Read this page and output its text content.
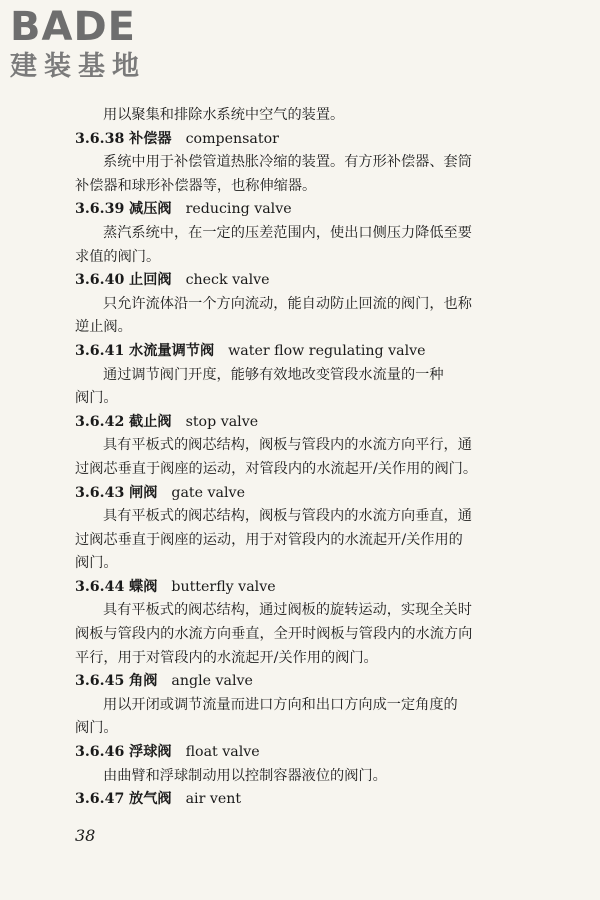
BADE
建装基地
用以聚集和排除水系统中空气的装置。
3.6.38 补偿器 compensator
系统中用于补偿管道热胀冷缩的装置。有方形补偿器、套筒
补偿器和球形补偿器等，也称伸缩器。
3.6.39 减压阀 reducing valve
蒸汽系统中，在一定的压差范围内，使出口侧压力降低至要
求值的阀门。
3.6.40 止回阀 check valve
只允许流体沿一个方向流动，能自动防止回流的阀门，也称
逆止阀。
3.6.41 水流量调节阀 water flow regulating valve
通过调节阀门开度，能够有效地改变管段水流量的一种
阀门。
3.6.42 截止阀 stop valve
具有平板式的阀芯结构，阀板与管段内的水流方向平行，通
过阀芯垂直于阀座的运动，对管段内的水流起开/关作用的阀门。
3.6.43 闸阀 gate valve
具有平板式的阀芯结构，阀板与管段内的水流方向垂直，通
过阀芯垂直于阀座的运动，用于对管段内的水流起开/关作用的
阀门。
3.6.44 蝶阀 butterfly valve
具有平板式的阀芯结构，通过阀板的旋转运动，实现全关时
阀板与管段内的水流方向垂直，全开时阀板与管段内的水流方向
平行，用于对管段内的水流起开/关作用的阀门。
3.6.45 角阀 angle valve
用以开闭或调节流量而进口方向和出口方向成一定角度的
阀门。
3.6.46 浮球阀 float valve
由曲臂和浮球制动用以控制容器液位的阀门。
3.6.47 放气阀 air vent
38
